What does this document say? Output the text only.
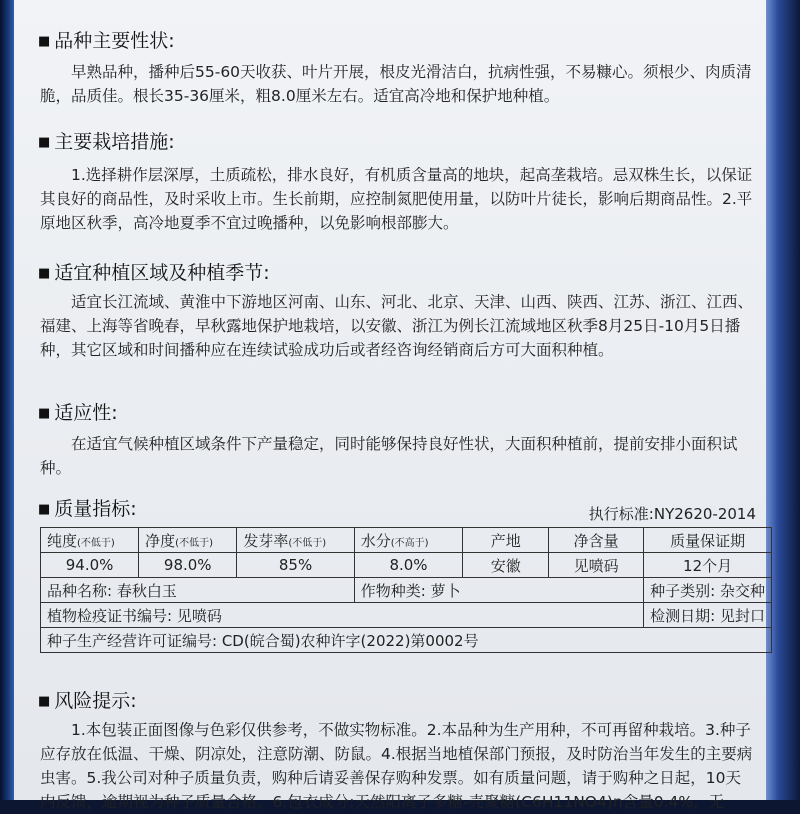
■ 品种主要性状:
早熟品种，播种后55-60天收获、叶片开展，根皮光滑洁白，抗病性强，不易糠心。须根少、肉质清脆，品质佳。根长35-36厘米，粗8.0厘米左右。适宜高冷地和保护地种植。
■ 主要栽培措施:
1.选择耕作层深厚，土质疏松，排水良好，有机质含量高的地块，起高垄栽培。忌双株生长，以保证其良好的商品性，及时采收上市。生长前期，应控制氮肥使用量，以防叶片徒长，影响后期商品性。2.平原地区秋季，高冷地夏季不宜过晚播种，以免影响根部膨大。
■ 适宜种植区域及种植季节:
适宜长江流域、黄淮中下游地区河南、山东、河北、北京、天津、山西、陕西、江苏、浙江、江西、福建、上海等省晚春，早秋露地保护地栽培，以安徽、浙江为例长江流域地区秋季8月25日-10月5日播种，其它区域和时间播种应在连续试验成功后或者经咨询经销商后方可大面积种植。
■ 适应性:
在适宜气候种植区域条件下产量稳定，同时能够保持良好性状，大面积种植前，提前安排小面积试种。
■ 质量指标:	执行标准:NY2620-2014
纯度(不低于)	净度(不低于)	发芽率(不低于)	水分(不高于)	产地	净含量	质量保证期
94.0%	98.0%	85%	8.0%	安徽	见喷码	12个月
品种名称: 春秋白玉			作物种类: 萝卜			种子类别: 杂交种
植物检疫证书编号: 见喷码						检测日期: 见封口
种子生产经营许可证编号: CD(皖合蜀)农种许字(2022)第0002号						
■ 风险提示:
1.本包装正面图像与色彩仅供参考，不做实物标准。2.本品种为生产用种，不可再留种栽培。3.种子应存放在低温、干燥、阴凉处，注意防潮、防鼠。4.根据当地植保部门预报，及时防治当年发生的主要病虫害。5.我公司对种子质量负责，购种后请妥善保存购种发票。如有质量问题，请于购种之日起，10天内反馈，逾期视为种子质量合格。6.包衣成分:天然阳离子多糖-壳聚糖(C6H11NO4)n含量0.4%，无
